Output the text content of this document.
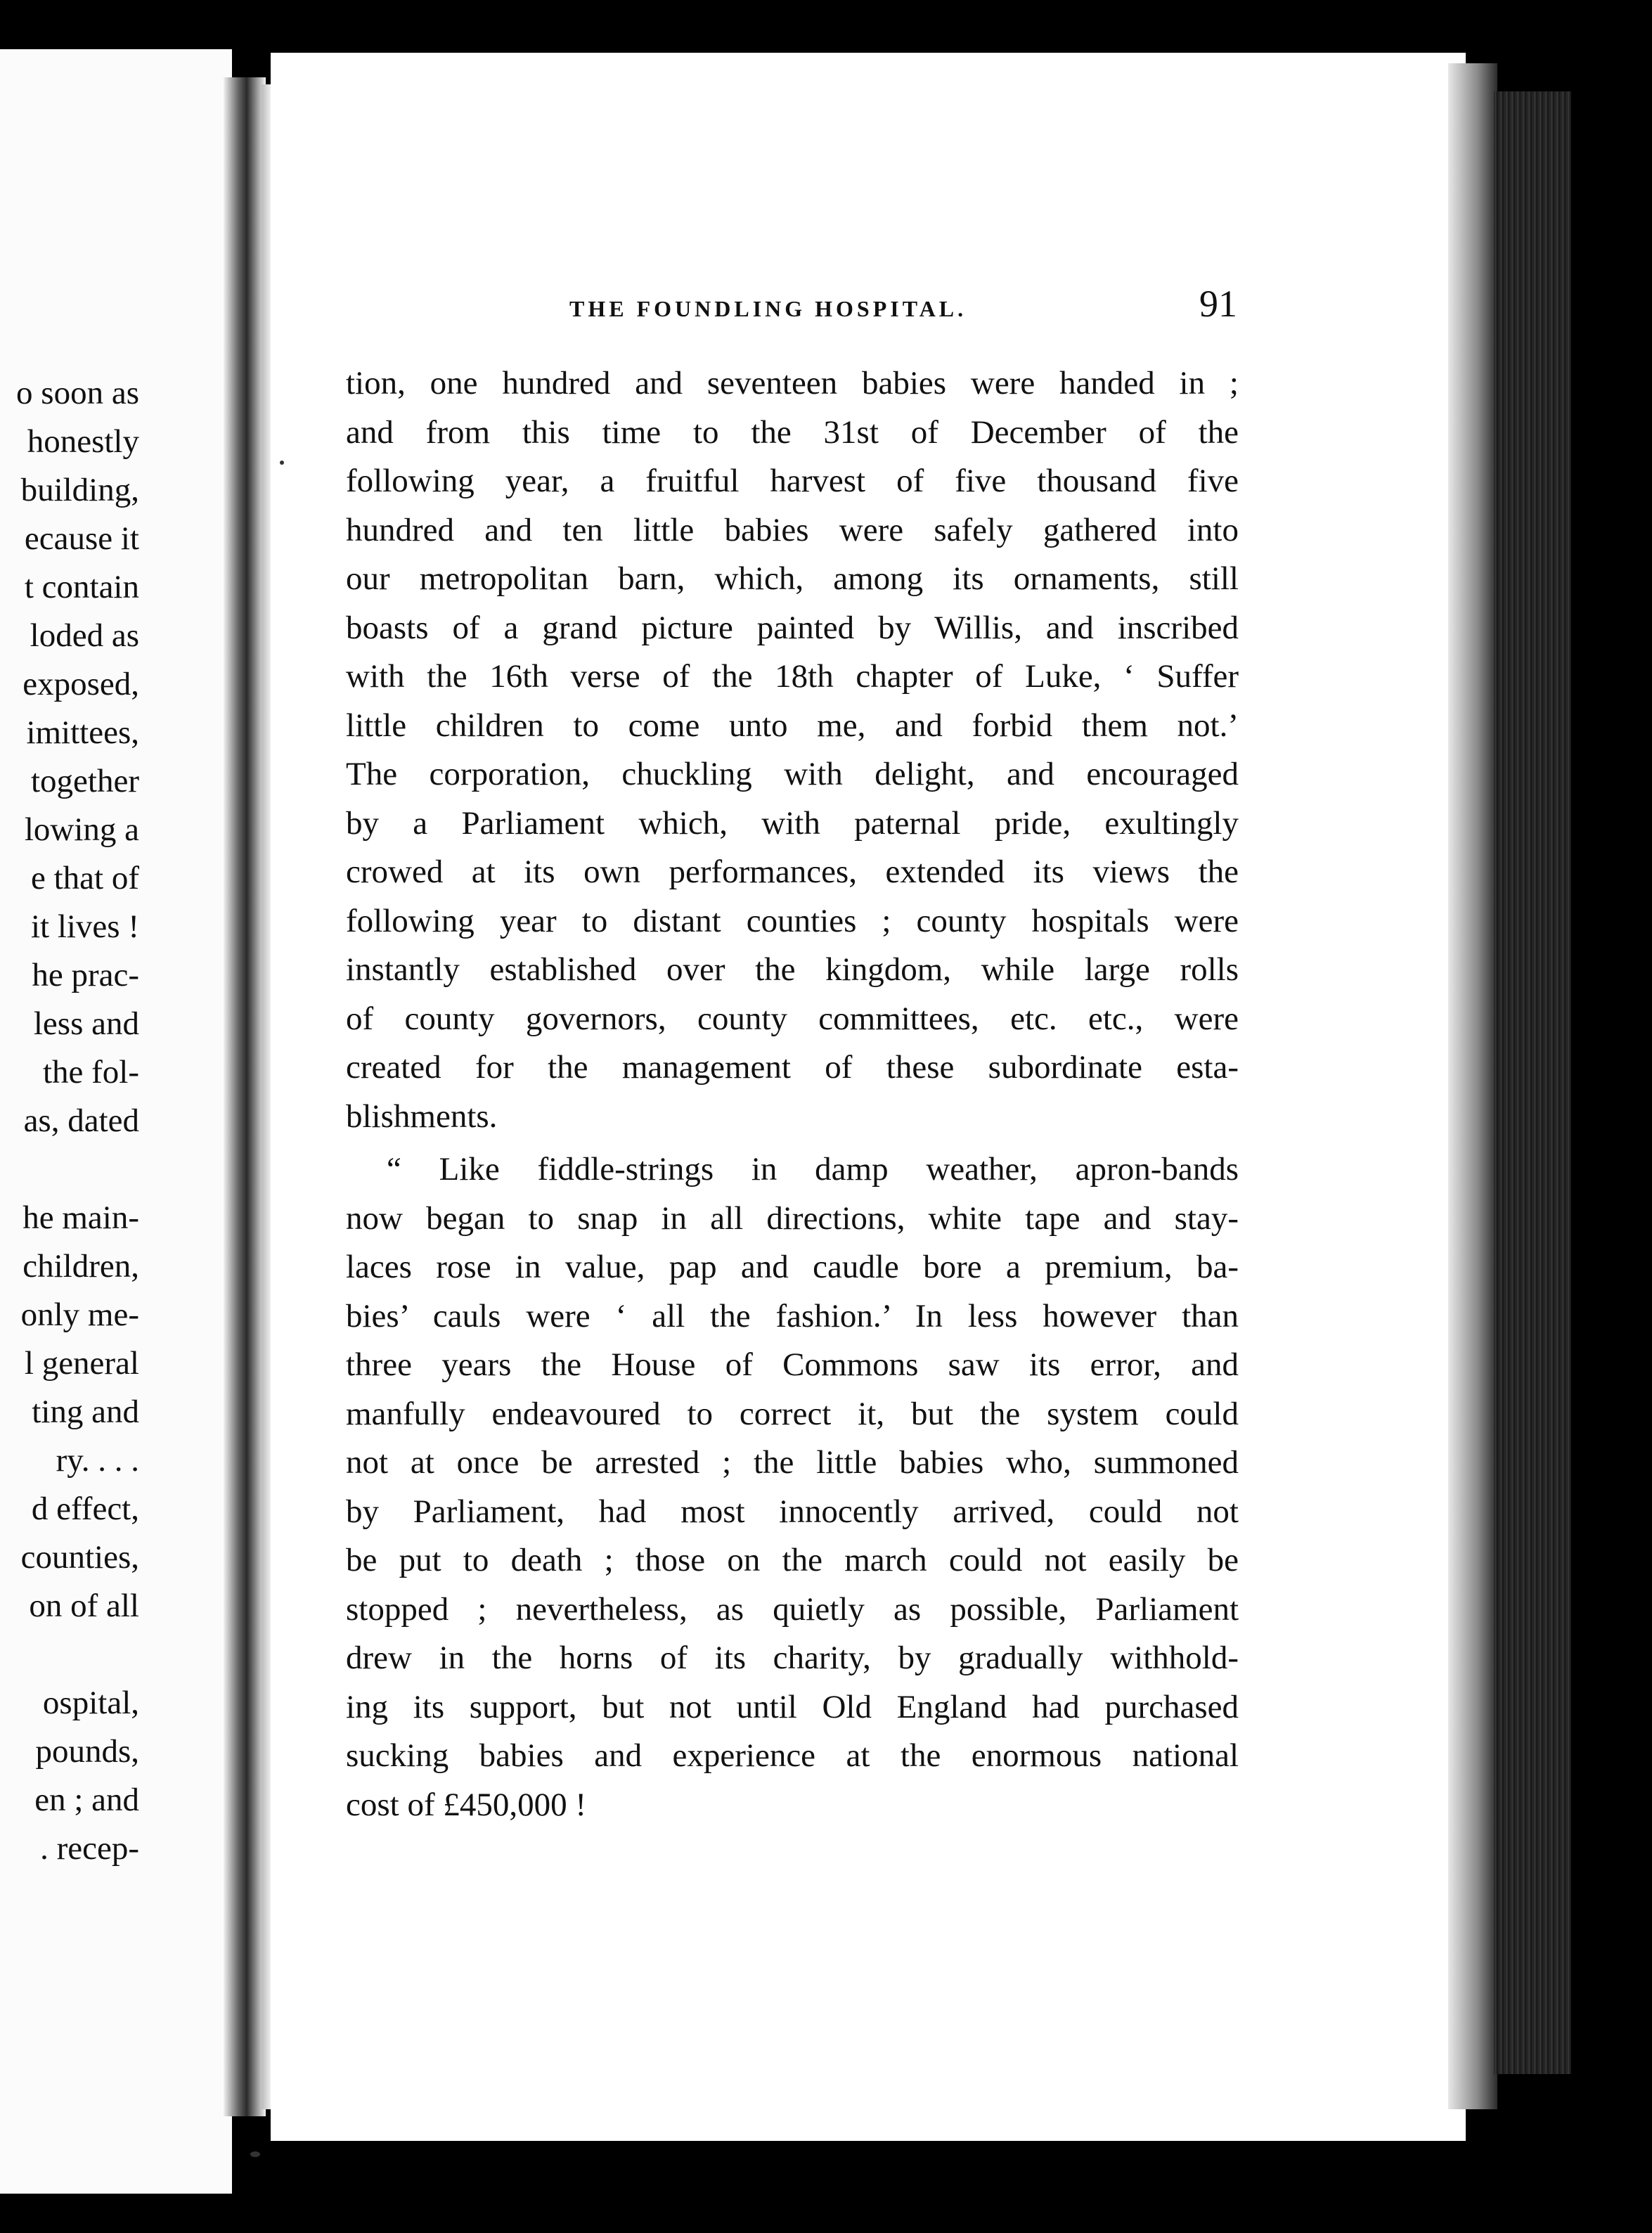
o soon as
honestly
building,
ecause it
t contain
loded as
exposed,
imittees,
together
lowing a
e that of
it lives !
he prac-
less and
the fol-
as, dated
he main-
children,
only me-
l general
ting and
ry. . . .
d effect,
counties,
on of all
ospital,
pounds,
en ; and
. recep-
THE FOUNDLING HOSPITAL.	91
tion, one hundred and seventeen babies were handed in ;
and from this time to the 31st of December of the
following year, a fruitful harvest of five thousand five
hundred and ten little babies were safely gathered into
our metropolitan barn, which, among its ornaments, still
boasts of a grand picture painted by Willis, and inscribed
with the 16th verse of the 18th chapter of Luke, ‘ Suffer
little children to come unto me, and forbid them not.’
The corporation, chuckling with delight, and encouraged
by a Parliament which, with paternal pride, exultingly
crowed at its own performances, extended its views the
following year to distant counties ; county hospitals were
instantly established over the kingdom, while large rolls
of county governors, county committees, etc. etc., were
created for the management of these subordinate esta-
blishments.
“ Like fiddle-strings in damp weather, apron-bands
now began to snap in all directions, white tape and stay-
laces rose in value, pap and caudle bore a premium, ba-
bies’ cauls were ‘ all the fashion.’ In less however than
three years the House of Commons saw its error, and
manfully endeavoured to correct it, but the system could
not at once be arrested ; the little babies who, summoned
by Parliament, had most innocently arrived, could not
be put to death ; those on the march could not easily be
stopped ; nevertheless, as quietly as possible, Parliament
drew in the horns of its charity, by gradually withhold-
ing its support, but not until Old England had purchased
sucking babies and experience at the enormous national
cost of £450,000 !
